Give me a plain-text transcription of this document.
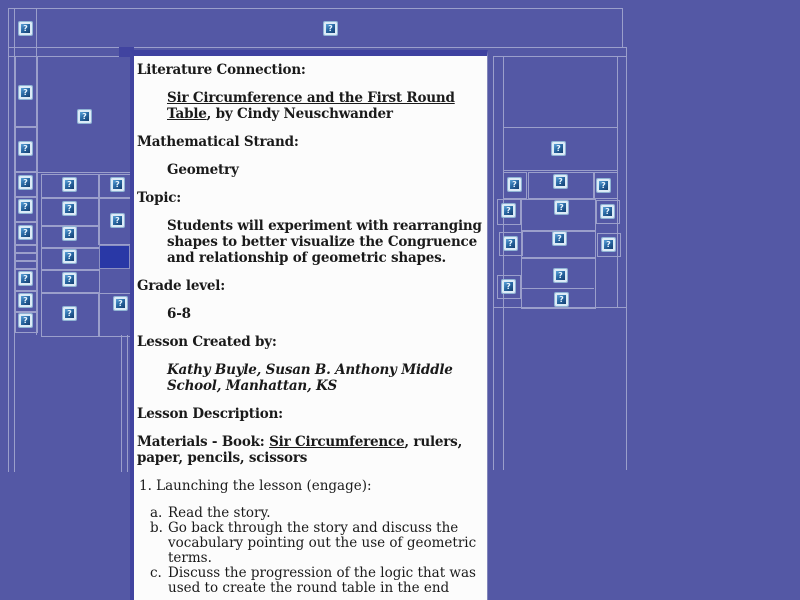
?	?
?
?
?
?	?	?
?	?
?
?	?
?
?	?
?	?
?
?
?
?	?	?
?	?	?
?
?
?
?
?
?

Literature Connection:

Sir Circumference and the First Round Table, by Cindy Neuschwander

Mathematical Strand:

Geometry

Topic:

Students will experiment with rearranging shapes to better visualize the Congruence and relationship of geometric shapes.

Grade level:

6-8

Lesson Created by:

Kathy Buyle, Susan B. Anthony Middle School, Manhattan, KS

Lesson Description:

Materials - Book: Sir Circumference, rulers, paper, pencils, scissors

1. Launching the lesson (engage):

a. Read the story.
b. Go back through the story and discuss the vocabulary pointing out the use of geometric terms.
c. Discuss the progression of the logic that was used to create the round table in the end
